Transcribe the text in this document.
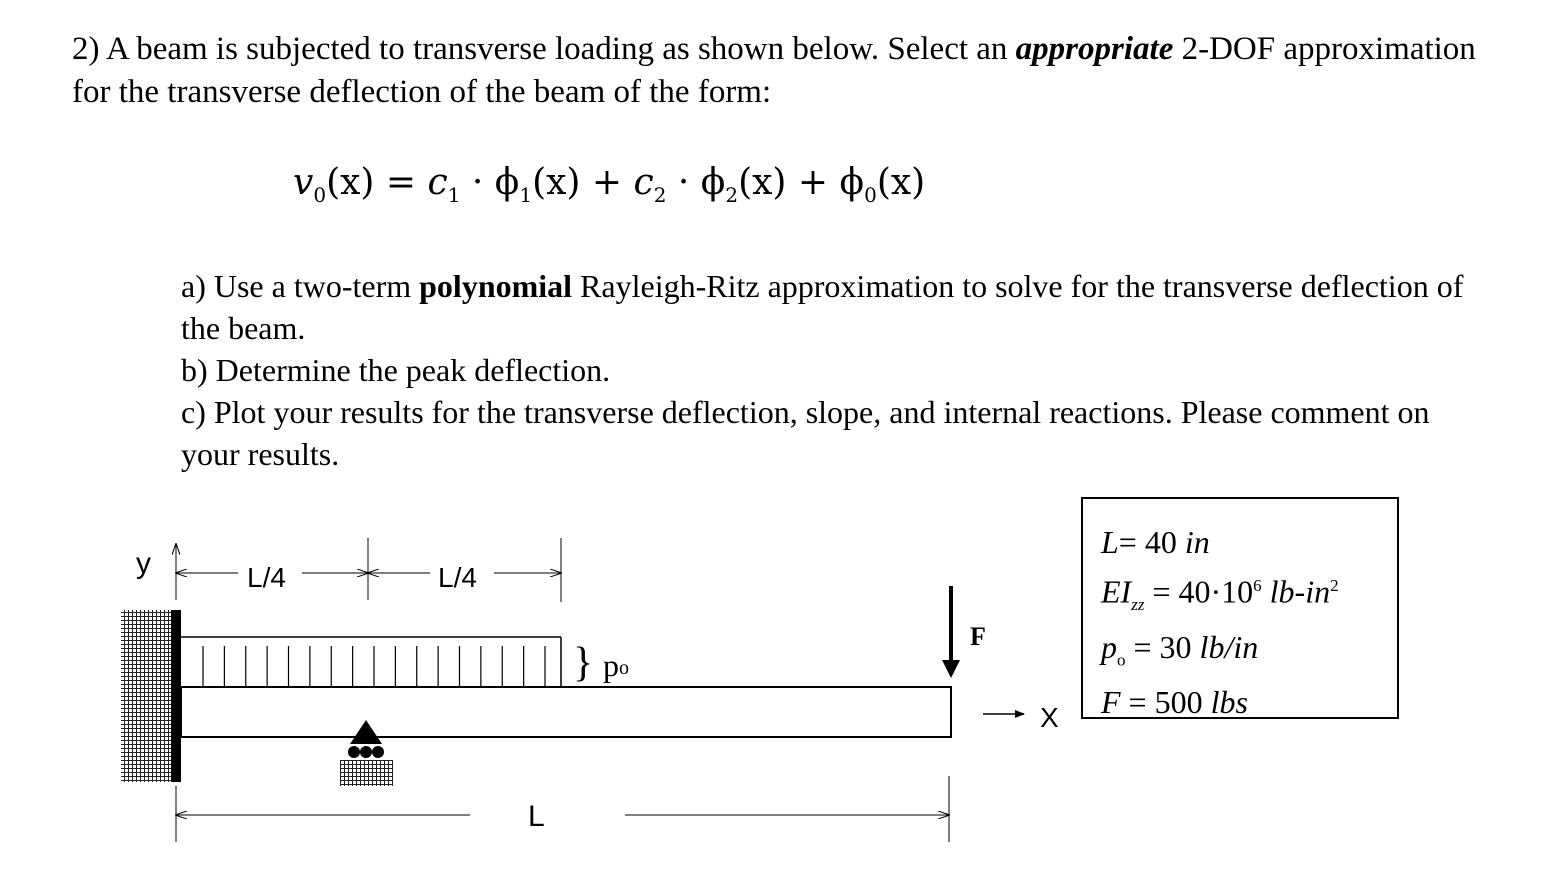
2) A beam is subjected to transverse loading as shown below. Select an appropriate 2-DOF approximation for the transverse deflection of the beam of the form:
$v_0(x) = c_1 \cdot \phi_1(x) + c_2 \cdot \phi_2(x) + \phi_0(x)$

a) Use a two-term polynomial Rayleigh-Ritz approximation to solve for the transverse deflection of the beam.

b) Determine the peak deflection.

c) Plot your results for the transverse deflection, slope, and internal reactions. Please comment on your results.

} po
F
y
X
L/4	L/4
L
L= 40 in
$EI_{zz} = 40\cdot 10^6$ $lb-in^2$
$p_o = 30$ lb/in
F = 500 lbs
